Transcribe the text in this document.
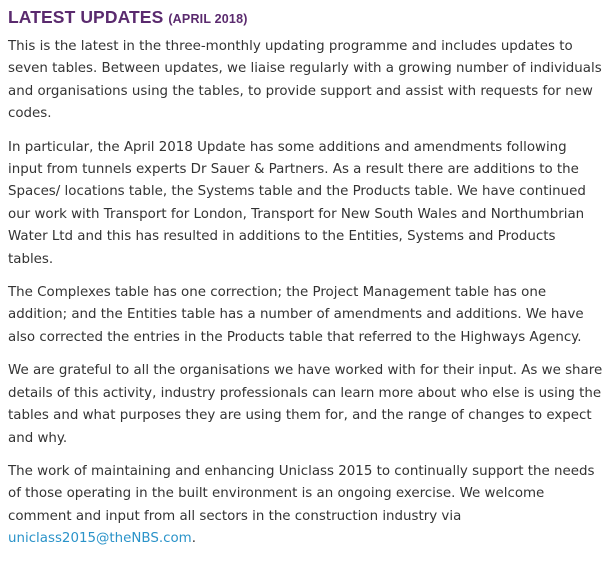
LATEST UPDATES (APRIL 2018)

This is the latest in the three-monthly updating programme and includes updates to seven tables. Between updates, we liaise regularly with a growing number of individuals and organisations using the tables, to provide support and assist with requests for new codes.

In particular, the April 2018 Update has some additions and amendments following input from tunnels experts Dr Sauer & Partners. As a result there are additions to the Spaces/ locations table, the Systems table and the Products table. We have continued our work with Transport for London, Transport for New South Wales and Northumbrian Water Ltd and this has resulted in additions to the Entities, Systems and Products tables.

The Complexes table has one correction; the Project Management table has one addition; and the Entities table has a number of amendments and additions. We have also corrected the entries in the Products table that referred to the Highways Agency.

We are grateful to all the organisations we have worked with for their input. As we share details of this activity, industry professionals can learn more about who else is using the tables and what purposes they are using them for, and the range of changes to expect and why.

The work of maintaining and enhancing Uniclass 2015 to continually support the needs of those operating in the built environment is an ongoing exercise. We welcome comment and input from all sectors in the construction industry via uniclass2015@theNBS.com.
